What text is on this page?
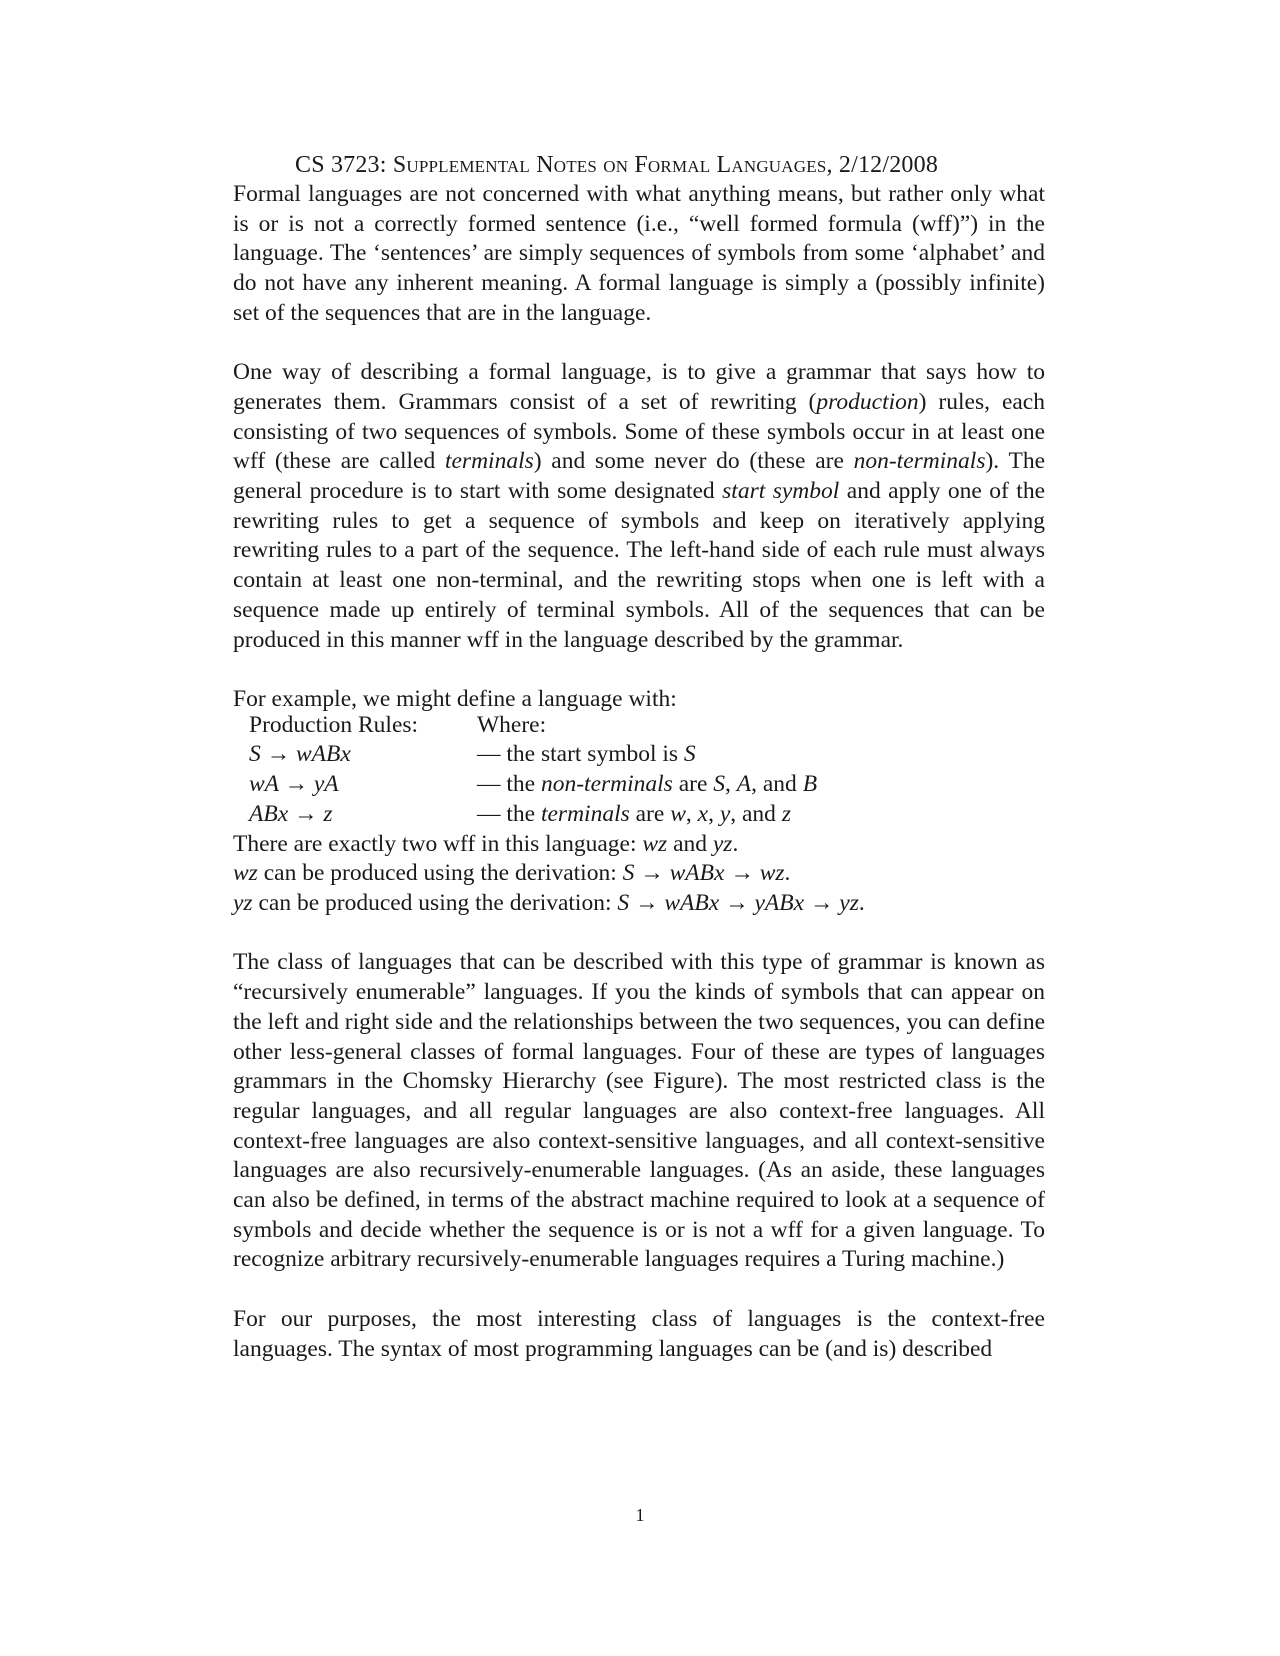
CS 3723: Supplemental Notes on Formal Languages, 2/12/2008

Formal languages are not concerned with what anything means, but rather only what is or is not a correctly formed sentence (i.e., “well formed formula (wff)”) in the language. The ‘sentences’ are simply sequences of symbols from some ‘alphabet’ and do not have any inherent meaning. A formal language is simply a (possibly infinite) set of the sequences that are in the language.

One way of describing a formal language, is to give a grammar that says how to generates them. Grammars consist of a set of rewriting (production) rules, each consisting of two sequences of symbols. Some of these symbols occur in at least one wff (these are called terminals) and some never do (these are non-terminals). The general procedure is to start with some designated start symbol and apply one of the rewriting rules to get a sequence of symbols and keep on iteratively applying rewriting rules to a part of the sequence. The left-hand side of each rule must always contain at least one non-terminal, and the rewriting stops when one is left with a sequence made up entirely of terminal symbols. All of the sequences that can be produced in this manner wff in the language described by the grammar.

For example, we might define a language with:
Production Rules:
S → wABx
wA → yA
ABx → z
Where:
— the start symbol is S
— the non-terminals are S, A, and B
— the terminals are w, x, y, and z
There are exactly two wff in this language: wz and yz.
wz can be produced using the derivation: S → wABx → wz.
yz can be produced using the derivation: S → wABx → yABx → yz.

The class of languages that can be described with this type of grammar is known as “recursively enumerable” languages. If you the kinds of symbols that can appear on the left and right side and the relationships between the two sequences, you can define other less-general classes of formal languages. Four of these are types of languages grammars in the Chomsky Hierarchy (see Figure). The most restricted class is the regular languages, and all regular languages are also context-free languages. All context-free languages are also context-sensitive languages, and all context-sensitive languages are also recursively-enumerable languages. (As an aside, these languages can also be defined, in terms of the abstract machine required to look at a sequence of symbols and decide whether the sequence is or is not a wff for a given language. To recognize arbitrary recursively-enumerable languages requires a Turing machine.)

For our purposes, the most interesting class of languages is the context-free languages. The syntax of most programming languages can be (and is) described

1
